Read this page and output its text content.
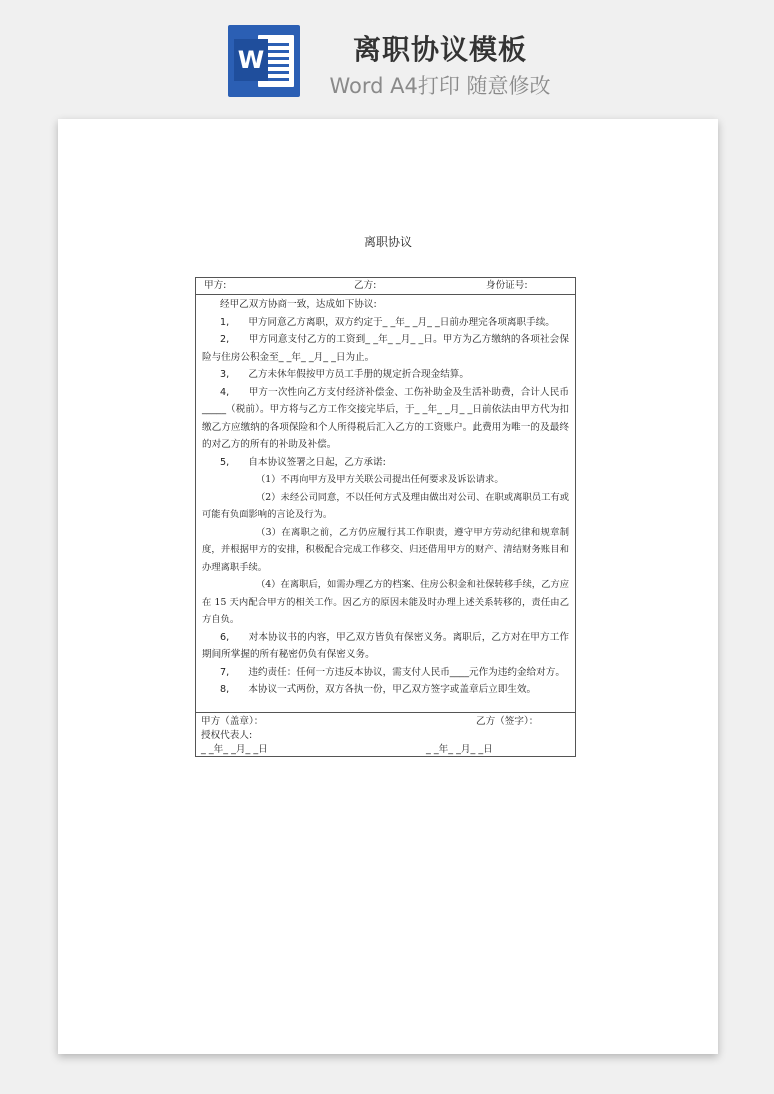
W	离职协议模板
Word A4打印 随意修改
离职协议
甲方:	乙方:	身份证号:

经甲乙双方协商一致，达成如下协议:

1,　　甲方同意乙方离职，双方约定于_ _年_ _月_ _日前办理完各项离职手续。

2,　　甲方同意支付乙方的工资到_ _年_ _月_ _日。甲方为乙方缴纳的各项社会保险与住房公积金至_ _年_ _月_ _日为止。

3,　　乙方未休年假按甲方员工手册的规定折合现金结算。

4,　　甲方一次性向乙方支付经济补偿金、工伤补助金及生活补助费，合计人民币_____（税前）。甲方将与乙方工作交接完毕后，于_ _年_ _月_ _日前依法由甲方代为扣缴乙方应缴纳的各项保险和个人所得税后汇入乙方的工资账户。此费用为唯一的及最终的对乙方的所有的补助及补偿。

5,　　自本协议签署之日起，乙方承诺:

（1）不再向甲方及甲方关联公司提出任何要求及诉讼请求。

（2）未经公司同意，不以任何方式及理由做出对公司、在职或离职员工有或可能有负面影响的言论及行为。

（3）在离职之前，乙方仍应履行其工作职责，遵守甲方劳动纪律和规章制度，并根据甲方的安排，积极配合完成工作移交、归还借用甲方的财产、清结财务账目和办理离职手续。

（4）在离职后，如需办理乙方的档案、住房公积金和社保转移手续，乙方应在 15 天内配合甲方的相关工作。因乙方的原因未能及时办理上述关系转移的，责任由乙方自负。

6,　　对本协议书的内容，甲乙双方皆负有保密义务。离职后，乙方对在甲方工作期间所掌握的所有秘密仍负有保密义务。

7,　　违约责任：任何一方违反本协议，需支付人民币____元作为违约金给对方。

8,　　本协议一式两份，双方各执一份，甲乙双方签字或盖章后立即生效。

甲方（盖章）：	乙方（签字）：
授权代表人:
_ _年_ _月_ _日	_ _年_ _月_ _日
